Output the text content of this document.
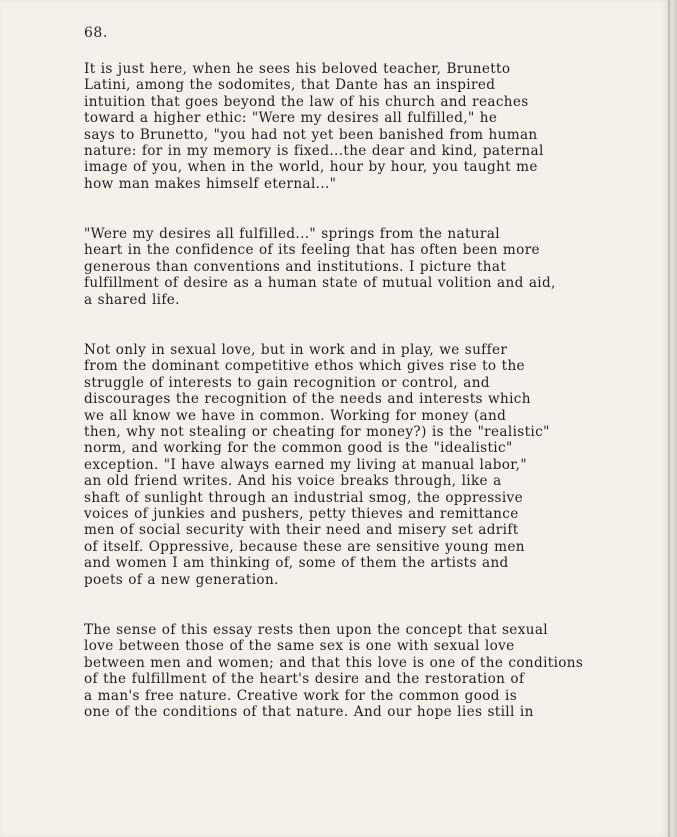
68.
It is just here, when he sees his beloved teacher, Brunetto
Latini, among the sodomites, that Dante has an inspired
intuition that goes beyond the law of his church and reaches
toward a higher ethic: "Were my desires all fulfilled," he
says to Brunetto, "you had not yet been banished from human
nature: for in my memory is fixed...the dear and kind, paternal
image of you, when in the world, hour by hour, you taught me
how man makes himself eternal..."
"Were my desires all fulfilled..." springs from the natural
heart in the confidence of its feeling that has often been more
generous than conventions and institutions. I picture that
fulfillment of desire as a human state of mutual volition and aid,
a shared life.
Not only in sexual love, but in work and in play, we suffer
from the dominant competitive ethos which gives rise to the
struggle of interests to gain recognition or control, and
discourages the recognition of the needs and interests which
we all know we have in common. Working for money (and
then, why not stealing or cheating for money?) is the "realistic"
norm, and working for the common good is the "idealistic"
exception. "I have always earned my living at manual labor,"
an old friend writes. And his voice breaks through, like a
shaft of sunlight through an industrial smog, the oppressive
voices of junkies and pushers, petty thieves and remittance
men of social security with their need and misery set adrift
of itself. Oppressive, because these are sensitive young men
and women I am thinking of, some of them the artists and
poets of a new generation.
The sense of this essay rests then upon the concept that sexual
love between those of the same sex is one with sexual love
between men and women; and that this love is one of the conditions
of the fulfillment of the heart's desire and the restoration of
a man's free nature. Creative work for the common good is
one of the conditions of that nature. And our hope lies still in
